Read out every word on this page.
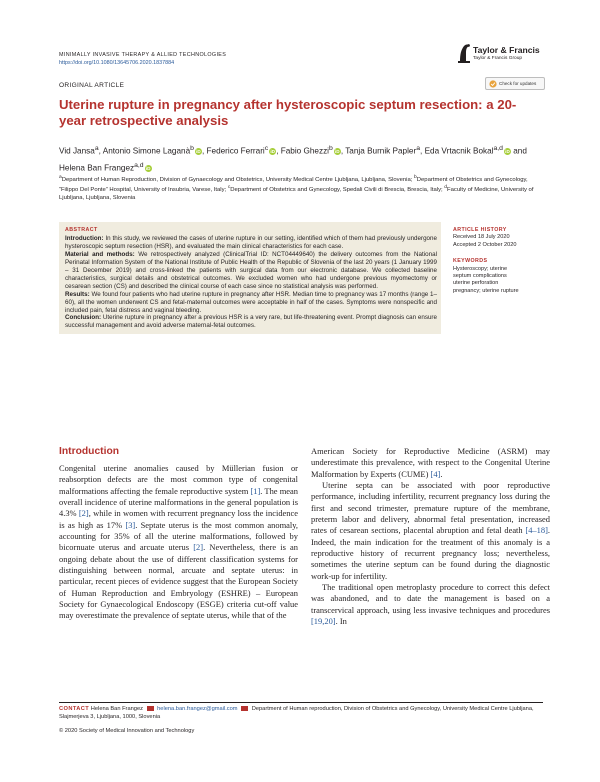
MINIMALLY INVASIVE THERAPY & ALLIED TECHNOLOGIES
https://doi.org/10.1080/13645706.2020.1837884
Taylor & Francis
Taylor & Francis Group
ORIGINAL ARTICLE	Check for updates
Uterine rupture in pregnancy after hysteroscopic septum resection: a 20-year retrospective analysis
Vid Jansa$^a$, Antonio Simone Laganà$^b$ iD, Federico Ferrari$^c$ iD, Fabio Ghezzi$^b$ iD, Tanja Burnik Papler$^a$, Eda Vrtacnik Bokal$^{a,d}$ iD and Helena Ban Frangez$^{a,d}$ iD
$^a$Department of Human Reproduction, Division of Gynaecology and Obstetrics, University Medical Centre Ljubljana, Ljubljana, Slovenia; $^b$Department of Obstetrics and Gynecology, “Filippo Del Ponte” Hospital, University of Insubria, Varese, Italy; $^c$Department of Obstetrics and Gynecology, Spedali Civili di Brescia, Brescia, Italy; $^d$Faculty of Medicine, University of Ljubljana, Ljubljana, Slovenia
ABSTRACT
Introduction: In this study, we reviewed the cases of uterine rupture in our setting, identified which of them had previously undergone hysteroscopic septum resection (HSR), and evaluated the main clinical characteristics for each case.
Material and methods: We retrospectively analyzed (ClinicalTrial ID: NCT04449640) the delivery outcomes from the National Perinatal Information System of the National Institute of Public Health of the Republic of Slovenia of the last 20 years (1 January 1999 – 31 December 2019) and cross-linked the patients with surgical data from our electronic database. We collected baseline characteristics, surgical details and obstetrical outcomes. We excluded women who had undergone previous myomectomy or cesarean section (CS) and described the clinical course of each case since no statistical analysis was performed.
Results: We found four patients who had uterine rupture in pregnancy after HSR. Median time to pregnancy was 17 months (range 1–60), all the women underwent CS and fetal-maternal outcomes were acceptable in half of the cases. Symptoms were nonspecific and included pain, fetal distress and vaginal bleeding.
Conclusion: Uterine rupture in pregnancy after a previous HSR is a very rare, but life-threatening event. Prompt diagnosis can ensure successful management and avoid adverse maternal-fetal outcomes.
ARTICLE HISTORY
Received 18 July 2020
Accepted 2 October 2020
KEYWORDS
Hysteroscopy; uterine
septum complications
uterine perforation
pregnancy; uterine rupture
Introduction

Congenital uterine anomalies caused by Müllerian fusion or reabsorption defects are the most common type of congenital malformations affecting the female reproductive system [1]. The mean overall incidence of uterine malformations in the general population is 4.3% [2], while in women with recurrent pregnancy loss the incidence is as high as 17% [3]. Septate uterus is the most common anomaly, accounting for 35% of all the uterine malformations, followed by bicornuate uterus and arcuate uterus [2]. Nevertheless, there is an ongoing debate about the use of different classification systems for distinguishing between normal, arcuate and septate uterus: in particular, recent pieces of evidence suggest that the European Society of Human Reproduction and Embryology (ESHRE) – European Society for Gynaecological Endoscopy (ESGE) criteria cut-off value may overestimate the prevalence of septate uterus, while that of the

American Society for Reproductive Medicine (ASRM) may underestimate this prevalence, with respect to the Congenital Uterine Malformation by Experts (CUME) [4].

Uterine septa can be associated with poor reproductive performance, including infertility, recurrent pregnancy loss during the first and second trimester, premature rupture of the membrane, preterm labor and delivery, abnormal fetal presentation, increased rates of cesarean sections, placental abruption and fetal death [4–18]. Indeed, the main indication for the treatment of this anomaly is a reproductive history of recurrent pregnancy loss; nevertheless, sometimes the uterine septum can be found during the diagnostic work-up for infertility.

The traditional open metroplasty procedure to correct this defect was abandoned, and to date the management is based on a transcervical approach, using less invasive techniques and procedures [19,20]. In

CONTACT Helena Ban Frangez helena.ban.frangez@gmail.com Department of Human reproduction, Division of Obstetrics and Gynecology, University Medical Centre Ljubljana, Slajmerjeva 3, Ljubljana, 1000, Slovenia
© 2020 Society of Medical Innovation and Technology
